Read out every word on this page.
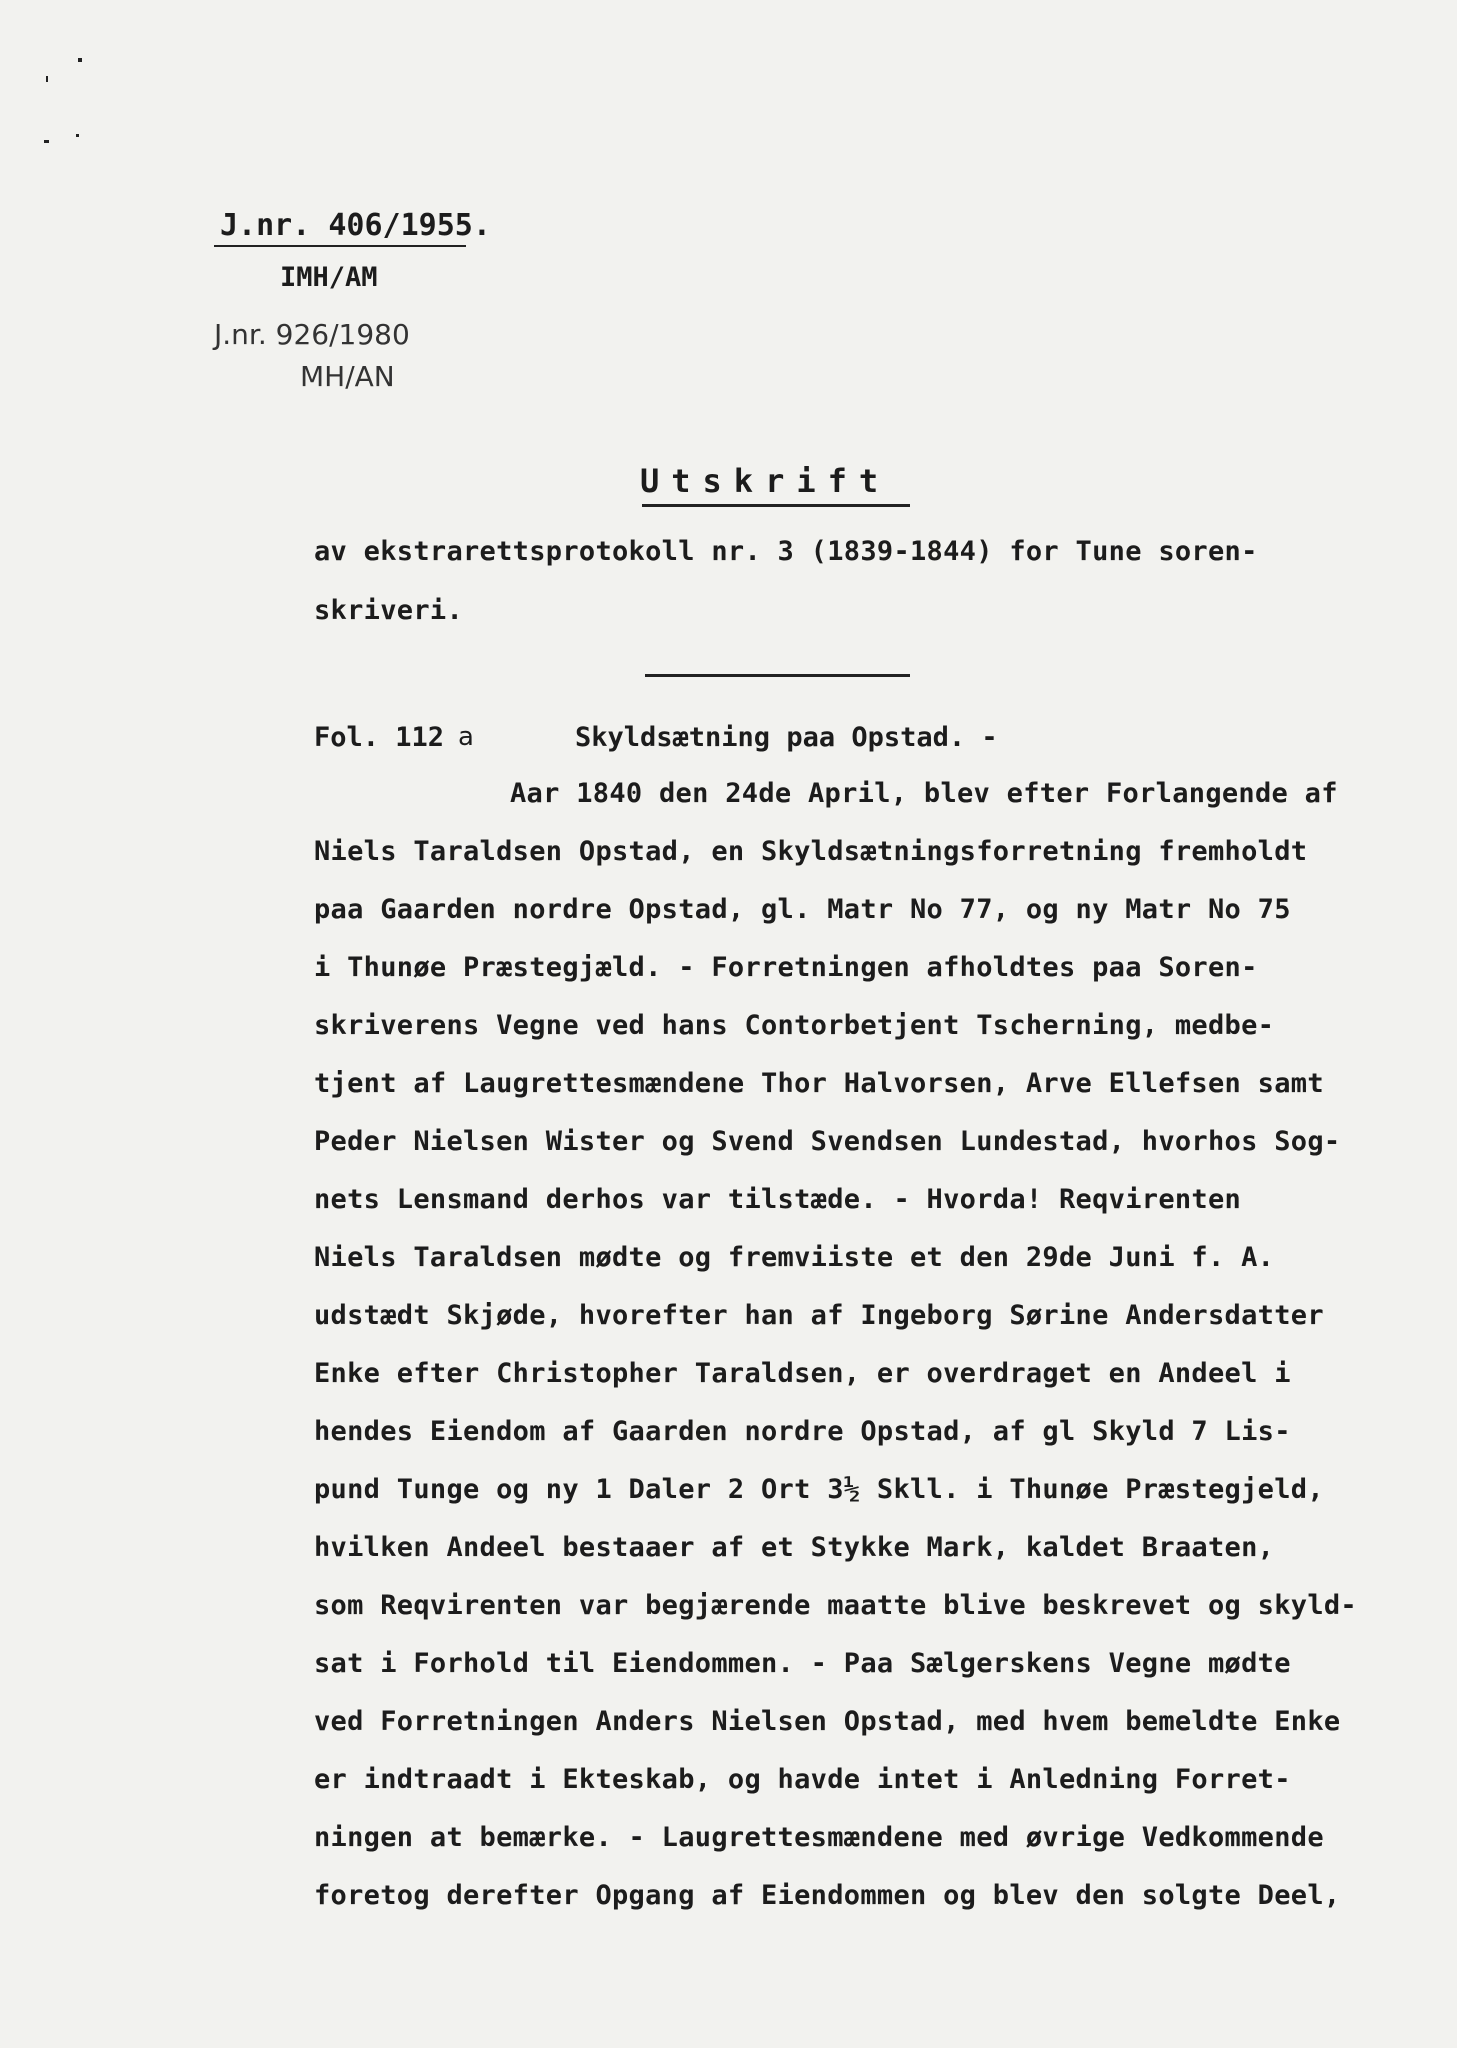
J.nr. 406/1955.
IMH/AM
J.nr. 926/1980
MH/AN
Utskrift
av ekstrarettsprotokoll nr. 3 (1839-1844) for Tune soren-
skriveri.
Fol. 112 a	Skyldsætning paa Opstad. -
Aar 1840 den 24de April, blev efter Forlangende af
Niels Taraldsen Opstad, en Skyldsætningsforretning fremholdt
paa Gaarden nordre Opstad, gl. Matr No 77, og ny Matr No 75
i Thunøe Præstegjæld. - Forretningen afholdtes paa Soren-
skriverens Vegne ved hans Contorbetjent Tscherning, medbe-
tjent af Laugrettesmændene Thor Halvorsen, Arve Ellefsen samt
Peder Nielsen Wister og Svend Svendsen Lundestad, hvorhos Sog-
nets Lensmand derhos var tilstæde. - Hvorda! Reqvirenten
Niels Taraldsen mødte og fremviiste et den 29de Juni f. A.
udstædt Skjøde, hvorefter han af Ingeborg Sørine Andersdatter
Enke efter Christopher Taraldsen, er overdraget en Andeel i
hendes Eiendom af Gaarden nordre Opstad, af gl Skyld 7 Lis-
pund Tunge og ny 1 Daler 2 Ort 3½ Skll. i Thunøe Præstegjeld,
hvilken Andeel bestaaer af et Stykke Mark, kaldet Braaten,
som Reqvirenten var begjærende maatte blive beskrevet og skyld-
sat i Forhold til Eiendommen. - Paa Sælgerskens Vegne mødte
ved Forretningen Anders Nielsen Opstad, med hvem bemeldte Enke
er indtraadt i Ekteskab, og havde intet i Anledning Forret-
ningen at bemærke. - Laugrettesmændene med øvrige Vedkommende
foretog derefter Opgang af Eiendommen og blev den solgte Deel,
